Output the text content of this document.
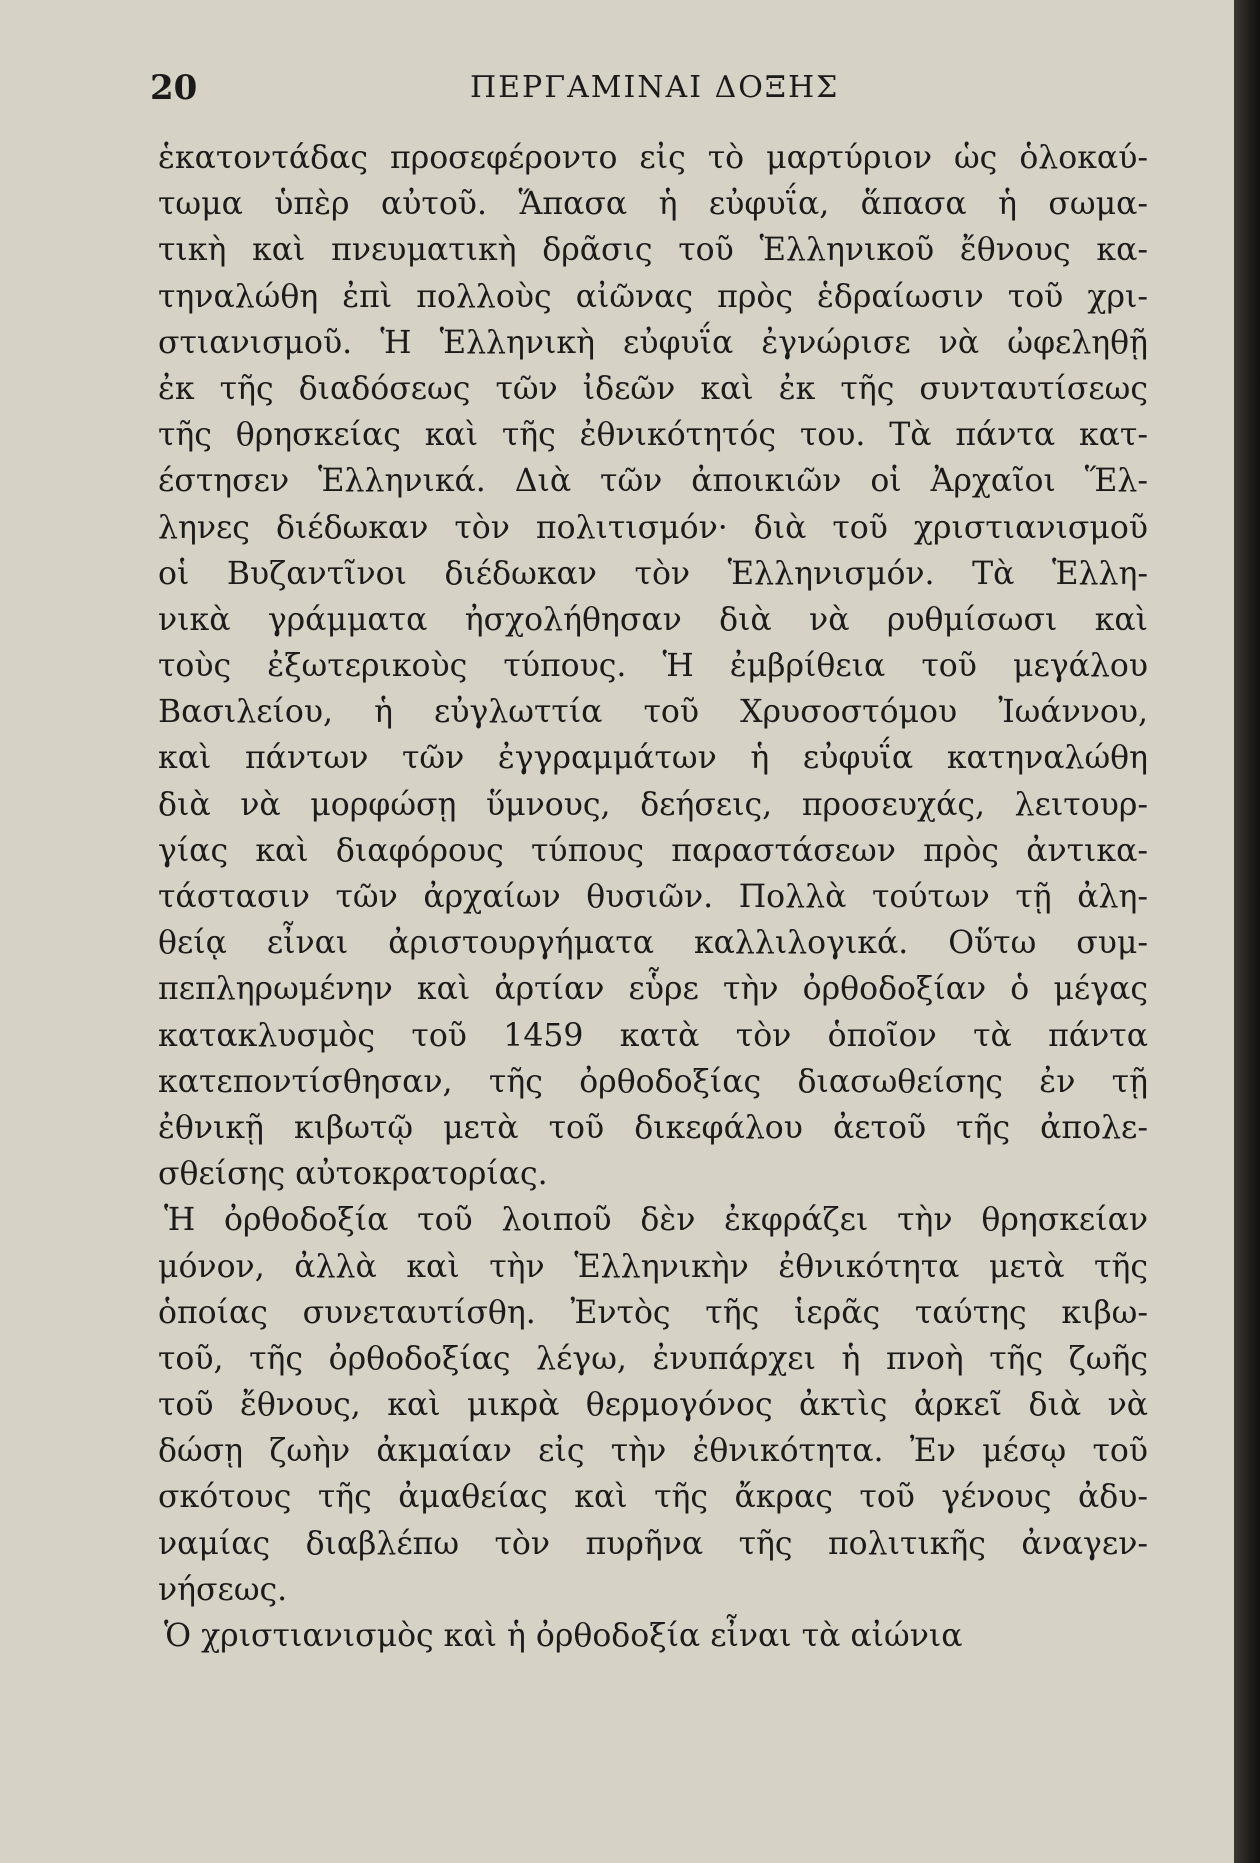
20	ΠΕΡΓΑΜΙΝΑΙ ΔΟΞΗΣ
ἑκατοντάδας προσεφέροντο εἰς τὸ μαρτύριον ὡς ὁλοκαύ-
τωμα ὑπὲρ αὐτοῦ. Ἅπασα ἡ εὐφυΐα, ἅπασα ἡ σωμα-
τικὴ καὶ πνευματικὴ δρᾶσις τοῦ Ἑλληνικοῦ ἔθνους κα-
τηναλώθη ἐπὶ πολλοὺς αἰῶνας πρὸς ἑδραίωσιν τοῦ χρι-
στιανισμοῦ. Ἡ Ἑλληνικὴ εὐφυΐα ἐγνώρισε νὰ ὠφεληθῇ
ἐκ τῆς διαδόσεως τῶν ἰδεῶν καὶ ἐκ τῆς συνταυτίσεως
τῆς θρησκείας καὶ τῆς ἐθνικότητός του. Τὰ πάντα κατ-
έστησεν Ἑλληνικά. Διὰ τῶν ἀποικιῶν οἱ Ἀρχαῖοι Ἕλ-
ληνες διέδωκαν τὸν πολιτισμόν· διὰ τοῦ χριστιανισμοῦ
οἱ Βυζαντῖνοι διέδωκαν τὸν Ἑλληνισμόν. Τὰ Ἑλλη-
νικὰ γράμματα ἠσχολήθησαν διὰ νὰ ρυθμίσωσι καὶ
τοὺς ἐξωτερικοὺς τύπους. Ἡ ἐμβρίθεια τοῦ μεγάλου
Βασιλείου, ἡ εὐγλωττία τοῦ Χρυσοστόμου Ἰωάννου,
καὶ πάντων τῶν ἐγγραμμάτων ἡ εὐφυΐα κατηναλώθη
διὰ νὰ μορφώσῃ ὕμνους, δεήσεις, προσευχάς, λειτουρ-
γίας καὶ διαφόρους τύπους παραστάσεων πρὸς ἀντικα-
τάστασιν τῶν ἀρχαίων θυσιῶν. Πολλὰ τούτων τῇ ἀλη-
θείᾳ εἶναι ἀριστουργήματα καλλιλογικά. Οὕτω συμ-
πεπληρωμένην καὶ ἀρτίαν εὗρε τὴν ὀρθοδοξίαν ὁ μέγας
κατακλυσμὸς τοῦ 1459 κατὰ τὸν ὁποῖον τὰ πάντα
κατεποντίσθησαν, τῆς ὀρθοδοξίας διασωθείσης ἐν τῇ
ἐθνικῇ κιβωτῷ μετὰ τοῦ δικεφάλου ἀετοῦ τῆς ἀπολε-
σθείσης αὐτοκρατορίας.
Ἡ ὀρθοδοξία τοῦ λοιποῦ δὲν ἐκφράζει τὴν θρησκείαν
μόνον, ἀλλὰ καὶ τὴν Ἑλληνικὴν ἐθνικότητα μετὰ τῆς
ὁποίας συνεταυτίσθη. Ἐντὸς τῆς ἱερᾶς ταύτης κιβω-
τοῦ, τῆς ὀρθοδοξίας λέγω, ἐνυπάρχει ἡ πνοὴ τῆς ζωῆς
τοῦ ἔθνους, καὶ μικρὰ θερμογόνος ἀκτὶς ἀρκεῖ διὰ νὰ
δώσῃ ζωὴν ἀκμαίαν εἰς τὴν ἐθνικότητα. Ἐν μέσῳ τοῦ
σκότους τῆς ἀμαθείας καὶ τῆς ἄκρας τοῦ γένους ἀδυ-
ναμίας διαβλέπω τὸν πυρῆνα τῆς πολιτικῆς ἀναγεν-
νήσεως.
Ὁ χριστιανισμὸς καὶ ἡ ὀρθοδοξία εἶναι τὰ αἰώνια
